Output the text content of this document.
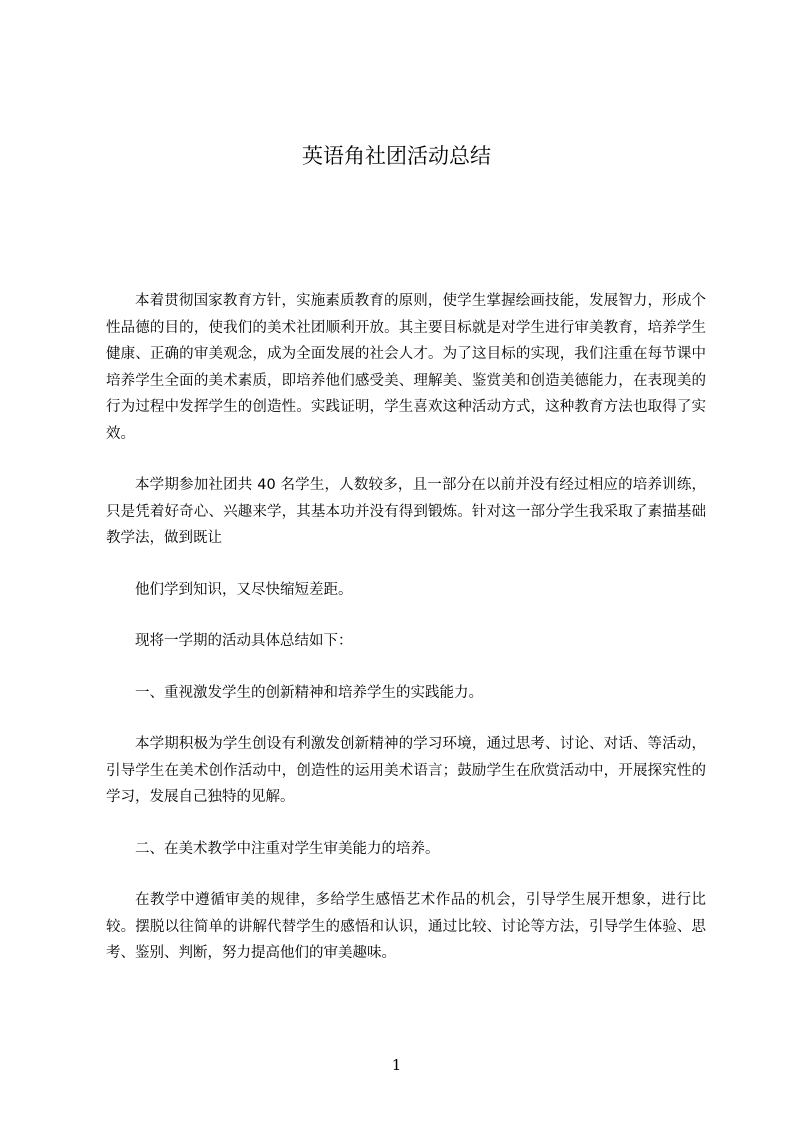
英语角社团活动总结

本着贯彻国家教育方针，实施素质教育的原则，使学生掌握绘画技能，发展智力，形成个性品德的目的，使我们的美术社团顺利开放。其主要目标就是对学生进行审美教育，培养学生健康、正确的审美观念，成为全面发展的社会人才。为了这目标的实现，我们注重在每节课中培养学生全面的美术素质，即培养他们感受美、理解美、鉴赏美和创造美德能力，在表现美的行为过程中发挥学生的创造性。实践证明，学生喜欢这种活动方式，这种教育方法也取得了实效。

本学期参加社团共 40 名学生，人数较多，且一部分在以前并没有经过相应的培养训练，只是凭着好奇心、兴趣来学，其基本功并没有得到锻炼。针对这一部分学生我采取了素描基础教学法，做到既让

他们学到知识，又尽快缩短差距。

现将一学期的活动具体总结如下：

一、重视激发学生的创新精神和培养学生的实践能力。

本学期积极为学生创设有利激发创新精神的学习环境，通过思考、讨论、对话、等活动，引导学生在美术创作活动中，创造性的运用美术语言；鼓励学生在欣赏活动中，开展探究性的学习，发展自己独特的见解。

二、在美术教学中注重对学生审美能力的培养。

在教学中遵循审美的规律，多给学生感悟艺术作品的机会，引导学生展开想象，进行比较。摆脱以往简单的讲解代替学生的感悟和认识，通过比较、讨论等方法，引导学生体验、思考、鉴别、判断，努力提高他们的审美趣味。

1
